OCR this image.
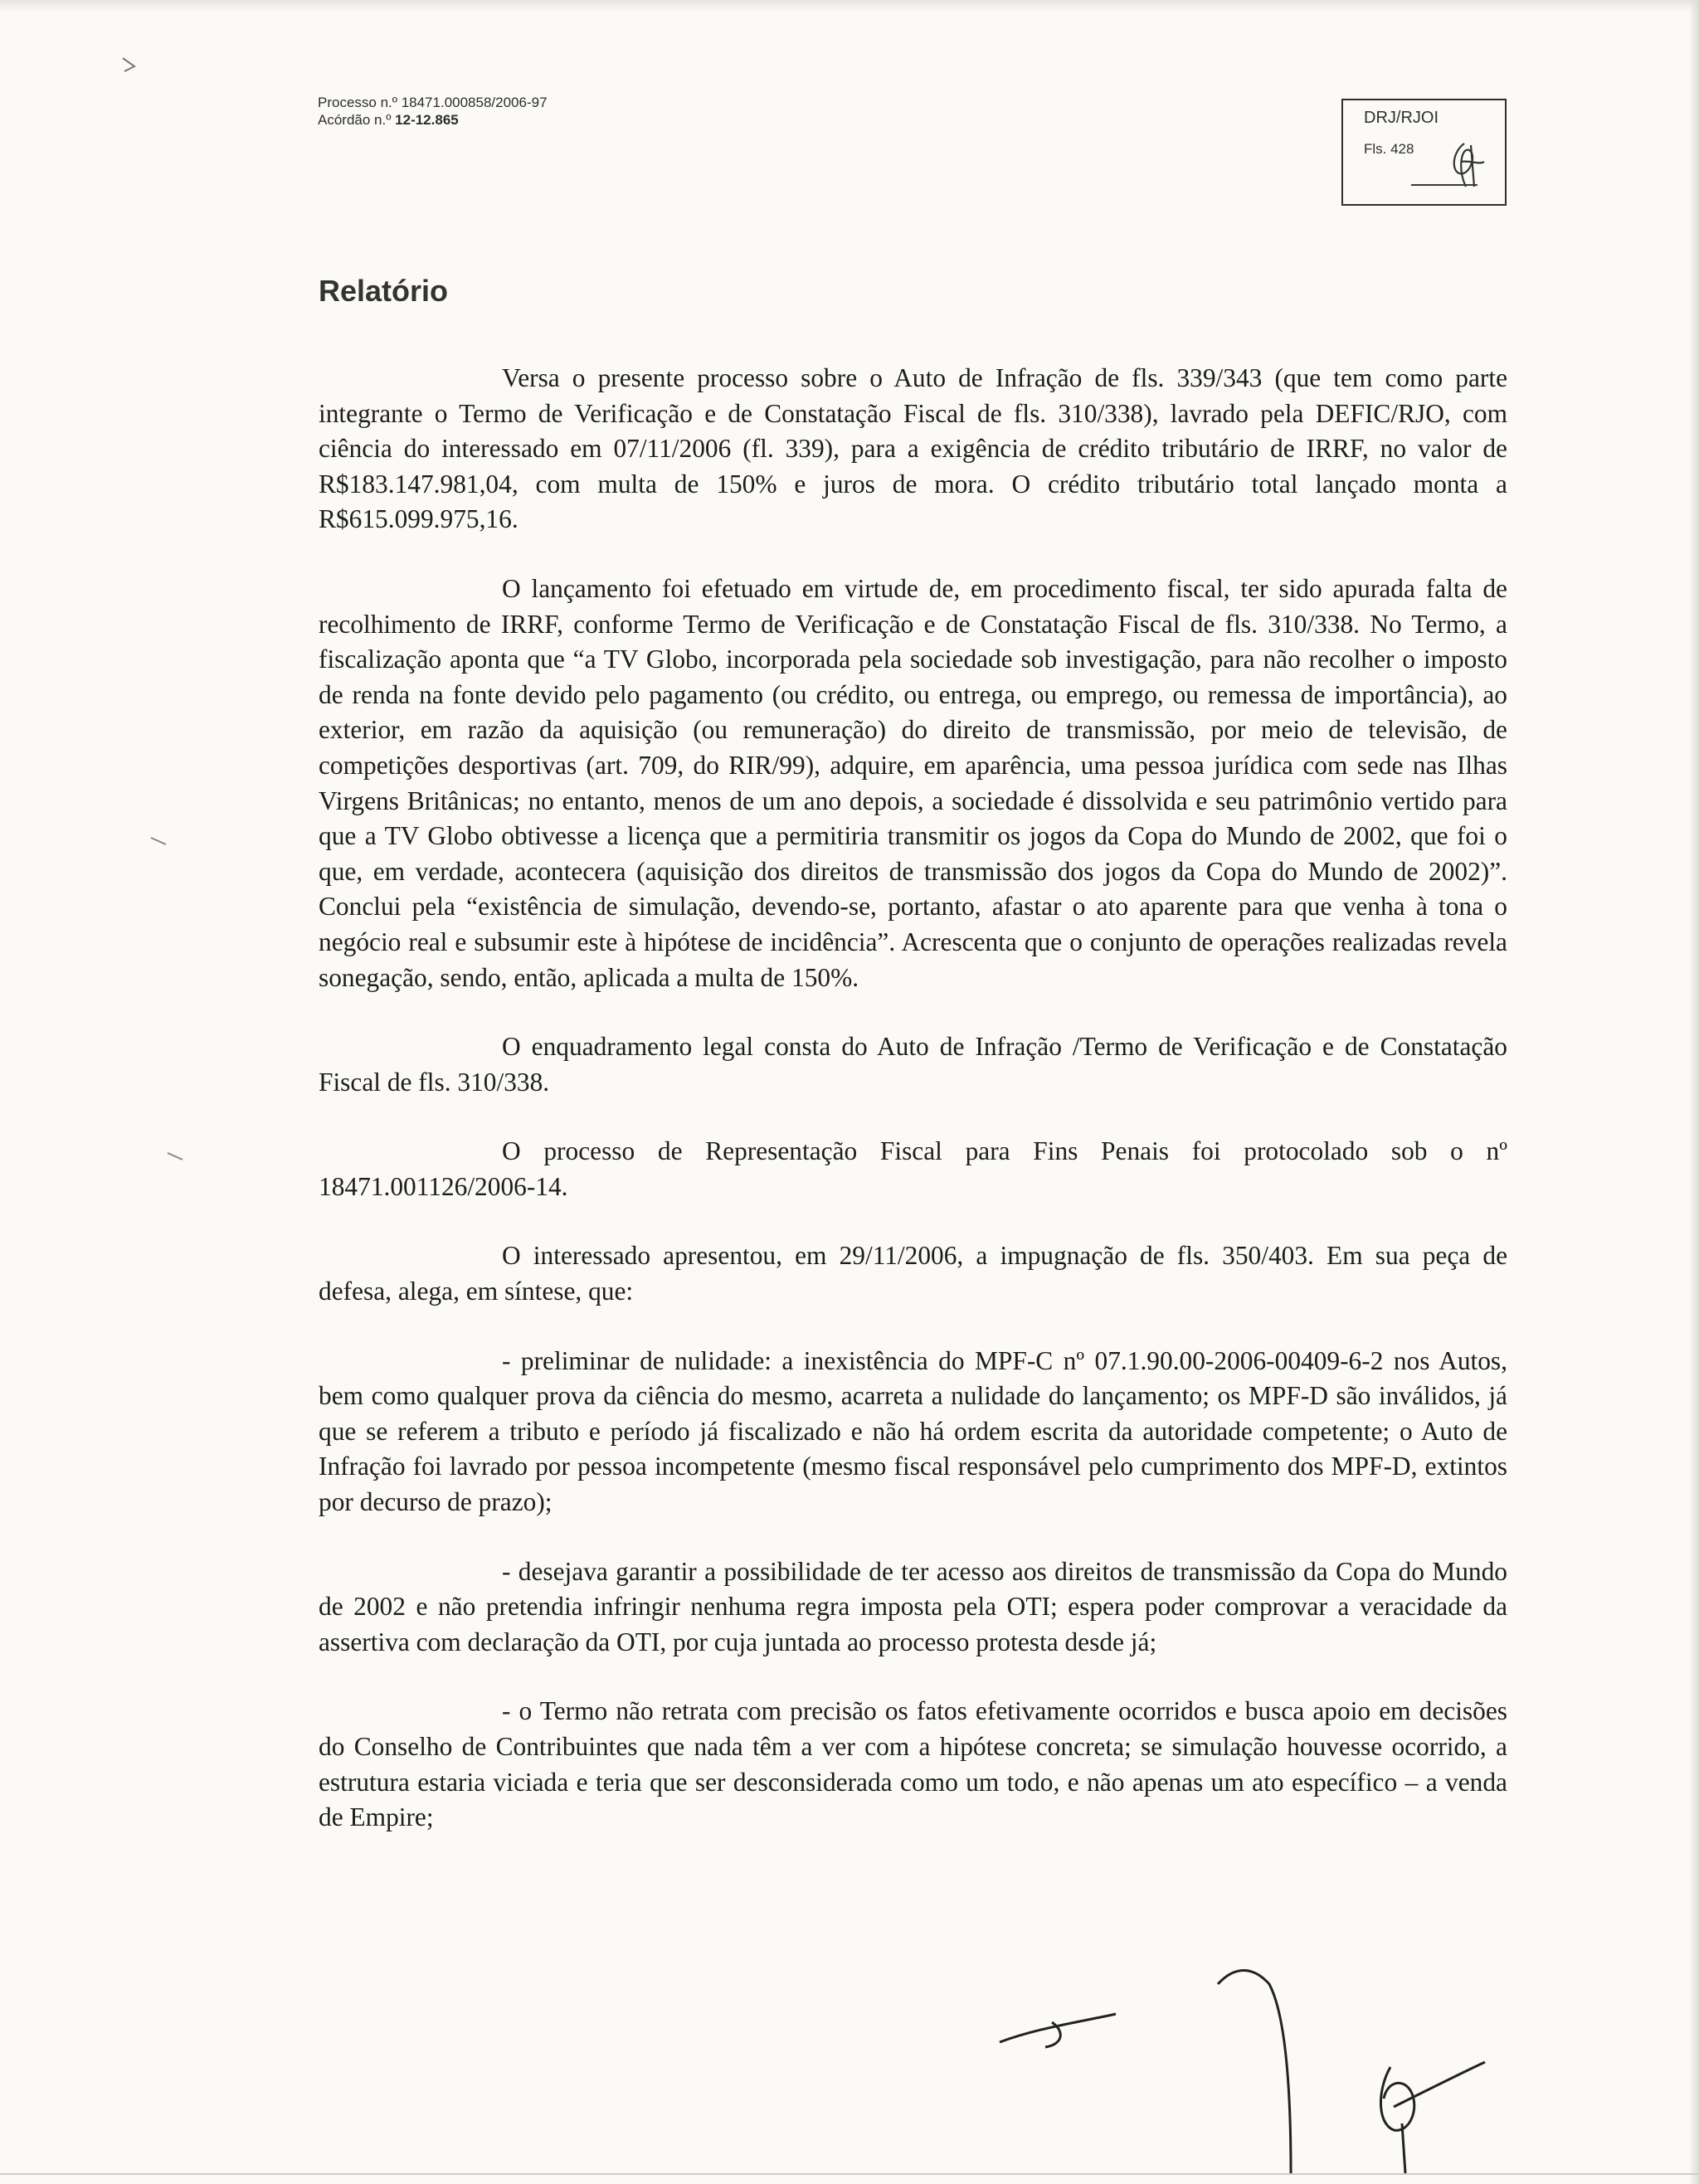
Processo n.º 18471.000858/2006-97
Acórdão n.º 12-12.865	DRJ/RJOI
Fls. 428
Relatório

Versa o presente processo sobre o Auto de Infração de fls. 339/343 (que tem como parte integrante o Termo de Verificação e de Constatação Fiscal de fls. 310/338), lavrado pela DEFIC/RJO, com ciência do interessado em 07/11/2006 (fl. 339), para a exigência de crédito tributário de IRRF, no valor de R$183.147.981,04, com multa de 150% e juros de mora. O crédito tributário total lançado monta a R$615.099.975,16.

O lançamento foi efetuado em virtude de, em procedimento fiscal, ter sido apurada falta de recolhimento de IRRF, conforme Termo de Verificação e de Constatação Fiscal de fls. 310/338. No Termo, a fiscalização aponta que “a TV Globo, incorporada pela sociedade sob investigação, para não recolher o imposto de renda na fonte devido pelo pagamento (ou crédito, ou entrega, ou emprego, ou remessa de importância), ao exterior, em razão da aquisição (ou remuneração) do direito de transmissão, por meio de televisão, de competições desportivas (art. 709, do RIR/99), adquire, em aparência, uma pessoa jurídica com sede nas Ilhas Virgens Britânicas; no entanto, menos de um ano depois, a sociedade é dissolvida e seu patrimônio vertido para que a TV Globo obtivesse a licença que a permitiria transmitir os jogos da Copa do Mundo de 2002, que foi o que, em verdade, acontecera (aquisição dos direitos de transmissão dos jogos da Copa do Mundo de 2002)”. Conclui pela “existência de simulação, devendo-se, portanto, afastar o ato aparente para que venha à tona o negócio real e subsumir este à hipótese de incidência”. Acrescenta que o conjunto de operações realizadas revela sonegação, sendo, então, aplicada a multa de 150%.

O enquadramento legal consta do Auto de Infração /Termo de Verificação e de Constatação Fiscal de fls. 310/338.

O processo de Representação Fiscal para Fins Penais foi protocolado sob o nº 18471.001126/2006-14.

O interessado apresentou, em 29/11/2006, a impugnação de fls. 350/403. Em sua peça de defesa, alega, em síntese, que:

- preliminar de nulidade: a inexistência do MPF-C nº 07.1.90.00-2006-00409-6-2 nos Autos, bem como qualquer prova da ciência do mesmo, acarreta a nulidade do lançamento; os MPF-D são inválidos, já que se referem a tributo e período já fiscalizado e não há ordem escrita da autoridade competente; o Auto de Infração foi lavrado por pessoa incompetente (mesmo fiscal responsável pelo cumprimento dos MPF-D, extintos por decurso de prazo);

- desejava garantir a possibilidade de ter acesso aos direitos de transmissão da Copa do Mundo de 2002 e não pretendia infringir nenhuma regra imposta pela OTI; espera poder comprovar a veracidade da assertiva com declaração da OTI, por cuja juntada ao processo protesta desde já;

- o Termo não retrata com precisão os fatos efetivamente ocorridos e busca apoio em decisões do Conselho de Contribuintes que nada têm a ver com a hipótese concreta; se simulação houvesse ocorrido, a estrutura estaria viciada e teria que ser desconsiderada como um todo, e não apenas um ato específico – a venda de Empire;
